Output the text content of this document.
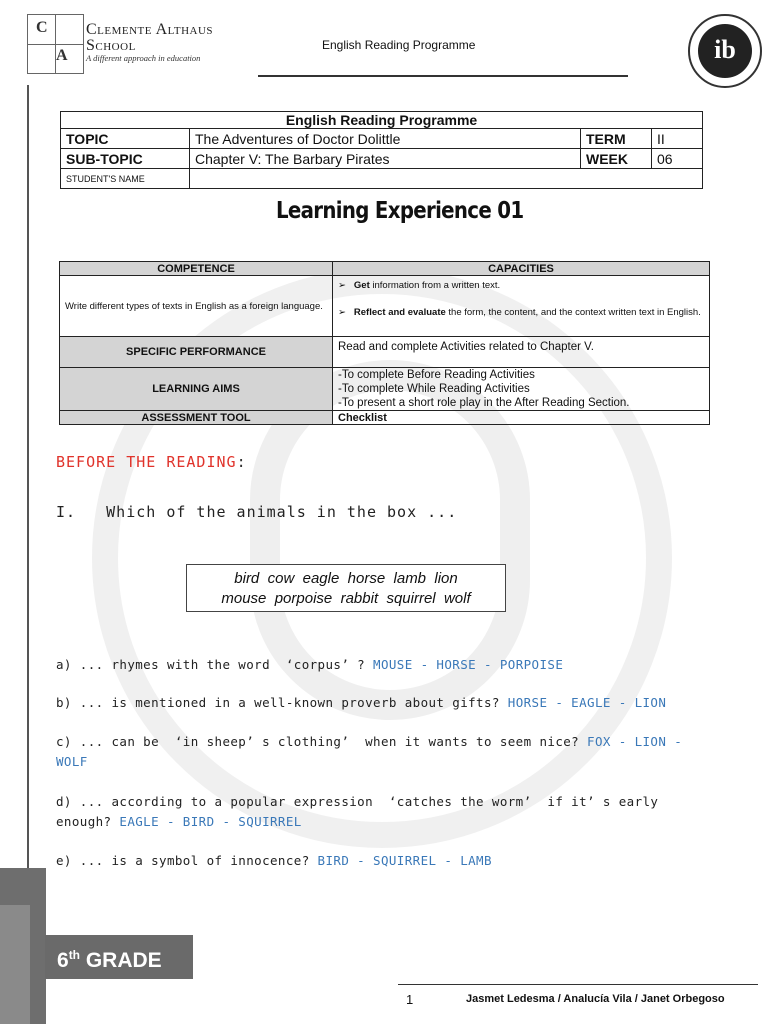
C
A
Clemente Althaus
School
A different approach in education
English Reading Programme	ib
English Reading Programme			
TOPIC	The Adventures of Doctor Dolittle	TERM	II
SUB-TOPIC	Chapter V: The Barbary Pirates	WEEK	06
STUDENT'S NAME			
Learning Experience 01
COMPETENCE	CAPACITIES
Write different types of texts in English as a foreign language.	➢   Get information from a written text.
➢   Reflect and evaluate the form, the content, and the context written text in English.

SPECIFIC PERFORMANCE	Read and complete Activities related to Chapter V.
LEARNING AIMS	-To complete Before Reading Activities
-To complete While Reading Activities
-To present a short role play in the After Reading Section.

ASSESSMENT TOOL	Checklist
BEFORE THE READING:
I. Which of the animals in the box ...
bird  cow  eagle  horse  lamb  lion
mouse  porpoise  rabbit  squirrel  wolf
a) ... rhymes with the word  ‘corpus’ ? MOUSE - HORSE - PORPOISE
b) ... is mentioned in a well-known proverb about gifts? HORSE - EAGLE - LION
c) ... can be  ‘in sheep’ s clothing’  when it wants to seem nice? FOX - LION - WOLF
d) ... according to a popular expression  ‘catches the worm’  if it’ s early enough? EAGLE - BIRD - SQUIRREL
e) ... is a symbol of innocence? BIRD - SQUIRREL - LAMB
6th GRADE
1	Jasmet Ledesma / Analucía Vila / Janet Orbegoso
